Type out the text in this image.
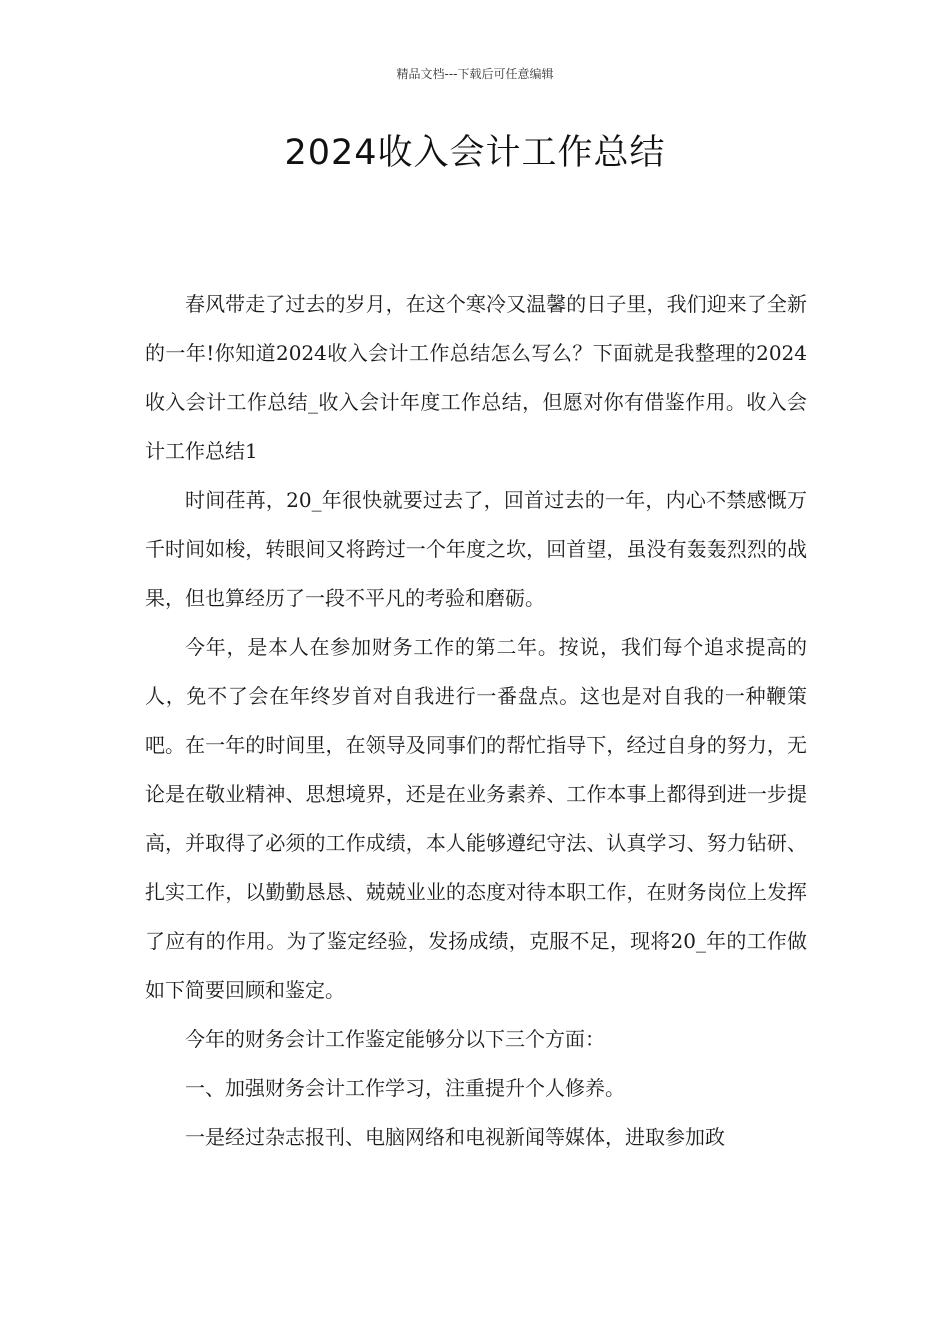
精品文档---下载后可任意编辑
2024收入会计工作总结

春风带走了过去的岁月，在这个寒冷又温馨的日子里，我们迎来了全新的一年!你知道2024收入会计工作总结怎么写么？下面就是我整理的2024收入会计工作总结_收入会计年度工作总结，但愿对你有借鉴作用。收入会计工作总结1

时间荏苒，20_年很快就要过去了，回首过去的一年，内心不禁感慨万千时间如梭，转眼间又将跨过一个年度之坎，回首望，虽没有轰轰烈烈的战果，但也算经历了一段不平凡的考验和磨砺。

今年，是本人在参加财务工作的第二年。按说，我们每个追求提高的人，免不了会在年终岁首对自我进行一番盘点。这也是对自我的一种鞭策吧。在一年的时间里，在领导及同事们的帮忙指导下，经过自身的努力，无论是在敬业精神、思想境界，还是在业务素养、工作本事上都得到进一步提高，并取得了必须的工作成绩，本人能够遵纪守法、认真学习、努力钻研、扎实工作，以勤勤恳恳、兢兢业业的态度对待本职工作，在财务岗位上发挥了应有的作用。为了鉴定经验，发扬成绩，克服不足，现将20_年的工作做如下简要回顾和鉴定。

今年的财务会计工作鉴定能够分以下三个方面：

一、加强财务会计工作学习，注重提升个人修养。

一是经过杂志报刊、电脑网络和电视新闻等媒体，进取参加政
